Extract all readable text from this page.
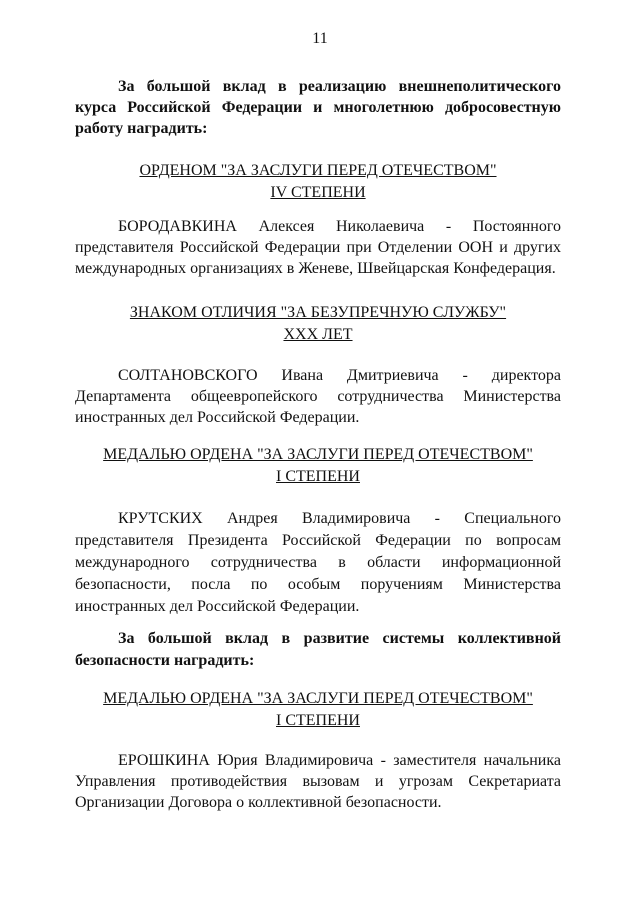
11
За большой вклад в реализацию внешнеполитического курса Российской Федерации и многолетнюю добросовестную работу наградить:
ОРДЕНОМ "ЗА ЗАСЛУГИ ПЕРЕД ОТЕЧЕСТВОМ"
IV СТЕПЕНИ
БОРОДАВКИНА Алексея Николаевича - Постоянного представителя Российской Федерации при Отделении ООН и других международных организациях в Женеве, Швейцарская Конфедерация.
ЗНАКОМ ОТЛИЧИЯ "ЗА БЕЗУПРЕЧНУЮ СЛУЖБУ"
XXX ЛЕТ
СОЛТАНОВСКОГО Ивана Дмитриевича - директора Департамента общеевропейского сотрудничества Министерства иностранных дел Российской Федерации.
МЕДАЛЬЮ ОРДЕНА "ЗА ЗАСЛУГИ ПЕРЕД ОТЕЧЕСТВОМ"
I СТЕПЕНИ
КРУТСКИХ Андрея Владимировича - Специального представителя Президента Российской Федерации по вопросам международного сотрудничества в области информационной безопасности, посла по особым поручениям Министерства иностранных дел Российской Федерации.
За большой вклад в развитие системы коллективной безопасности наградить:
МЕДАЛЬЮ ОРДЕНА "ЗА ЗАСЛУГИ ПЕРЕД ОТЕЧЕСТВОМ"
I СТЕПЕНИ
ЕРОШКИНА Юрия Владимировича - заместителя начальника Управления противодействия вызовам и угрозам Секретариата Организации Договора о коллективной безопасности.
